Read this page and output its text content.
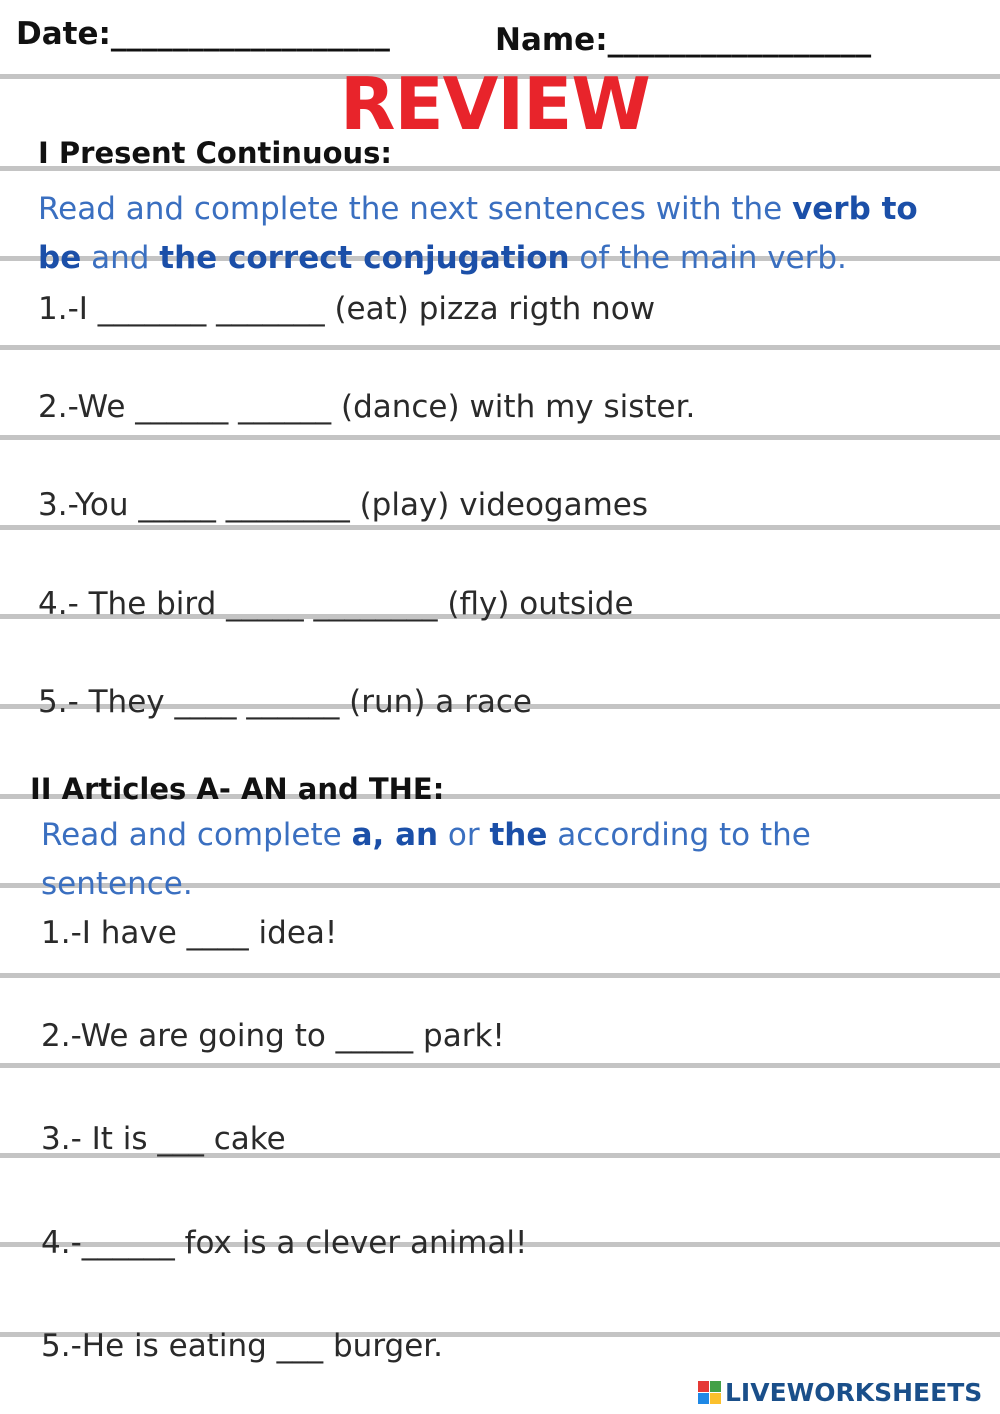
Date:__________________	Name:_________________
REVIEW
I Present Continuous:
Read and complete the next sentences with the verb to be and the correct conjugation of the main verb.
1.-I _______ _______ (eat) pizza rigth now
2.-We ______ ______ (dance) with my sister.
3.-You _____ ________ (play) videogames
4.- The bird _____ ________ (fly) outside
5.- They ____ ______ (run) a race
II Articles A- AN and THE:
Read and complete a, an or the according to the sentence.
1.-I have ____ idea!
2.-We are going to _____ park!
3.- It is ___ cake
4.-______ fox is a clever animal!
5.-He is eating ___ burger.
LIVEWORKSHEETS
